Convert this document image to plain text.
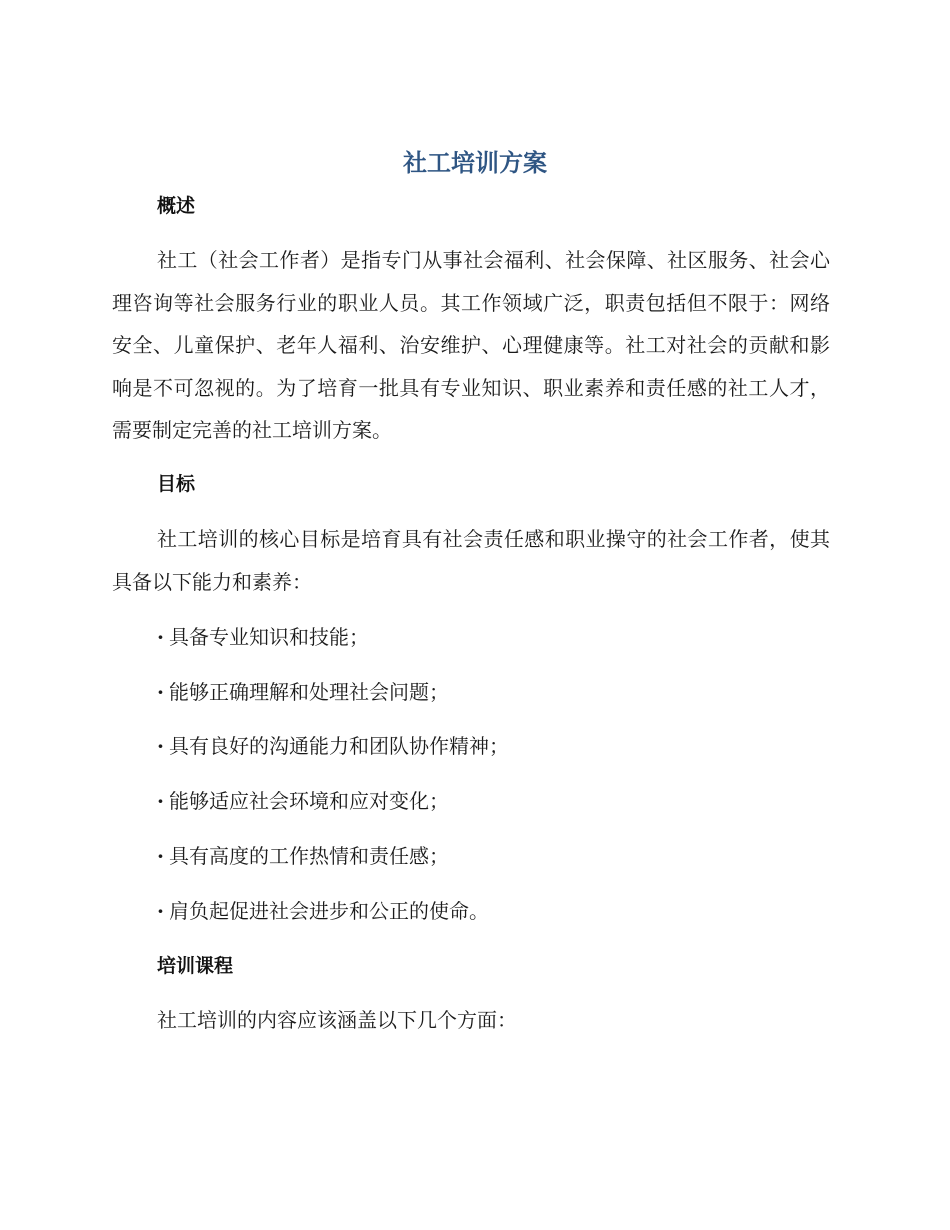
社工培训方案
概述

社工（社会工作者）是指专门从事社会福利、社会保障、社区服务、社会心理咨询等社会服务行业的职业人员。其工作领域广泛，职责包括但不限于：网络安全、儿童保护、老年人福利、治安维护、心理健康等。社工对社会的贡献和影响是不可忽视的。为了培育一批具有专业知识、职业素养和责任感的社工人才，需要制定完善的社工培训方案。

目标

社工培训的核心目标是培育具有社会责任感和职业操守的社会工作者，使其具备以下能力和素养：

· 具备专业知识和技能；
· 能够正确理解和处理社会问题；
· 具有良好的沟通能力和团队协作精神；
· 能够适应社会环境和应对变化；
· 具有高度的工作热情和责任感；
· 肩负起促进社会进步和公正的使命。
培训课程

社工培训的内容应该涵盖以下几个方面：
